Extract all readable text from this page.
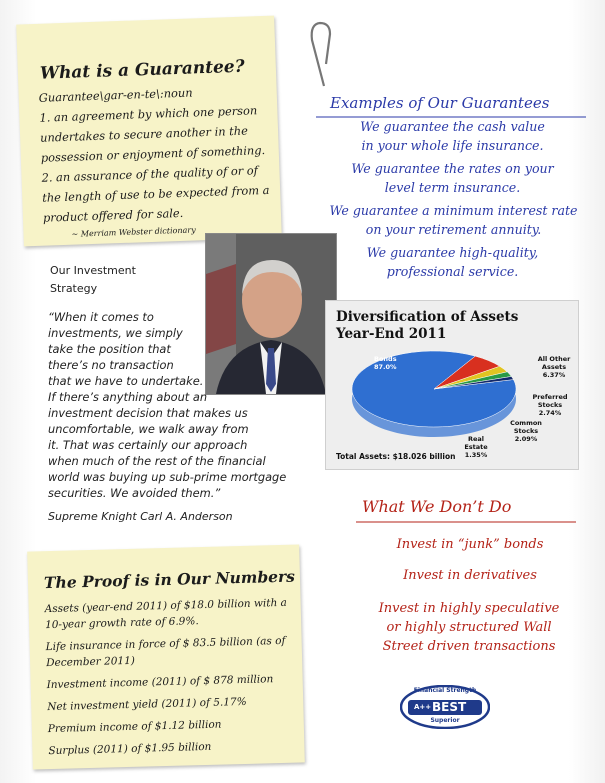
What is a Guarantee?
Guarantee\gar-en-te\:noun
1. an agreement by which one person
undertakes to secure another in the
possession or enjoyment of something.
2. an assurance of the quality of or of
the length of use to be expected from a
product offered for sale.
~ Merriam Webster dictionary
Examples of Our Guarantees
We guarantee the cash value
in your whole life insurance.
We guarantee the rates on your
level term insurance.
We guarantee a minimum interest rate
on your retirement annuity.
We guarantee high-quality,
professional service.
Our Investment
Strategy
“When it comes to
investments, we simply
take the position that
there’s no transaction
that we have to undertake.
If there’s anything about an
investment decision that makes us
uncomfortable, we walk away from
it. That was certainly our approach
when much of the rest of the financial
world was buying up sub-prime mortgage
securities. We avoided them.”
Supreme Knight Carl A. Anderson
Diversification of Assets
Year-End 2011
Bonds
87.0%
All Other
Assets
6.37%
Preferred
Stocks
2.74%
Common
Stocks
2.09%
Real
Estate
1.35%
Total Assets: $18.026 billion
What We Don’t Do
Invest in “junk” bonds
Invest in derivatives
Invest in highly speculative
or highly structured Wall
Street driven transactions
The Proof is in Our Numbers
Assets (year-end 2011) of $18.0 billion with a
10-year growth rate of 6.9%.
Life insurance in force of $ 83.5 billion (as of
December 2011)
Investment income (2011) of $ 878 million
Net investment yield (2011) of 5.17%
Premium income of $1.12 billion
Surplus (2011) of $1.95 billion
Financial Strength
A++ BEST
Superior
